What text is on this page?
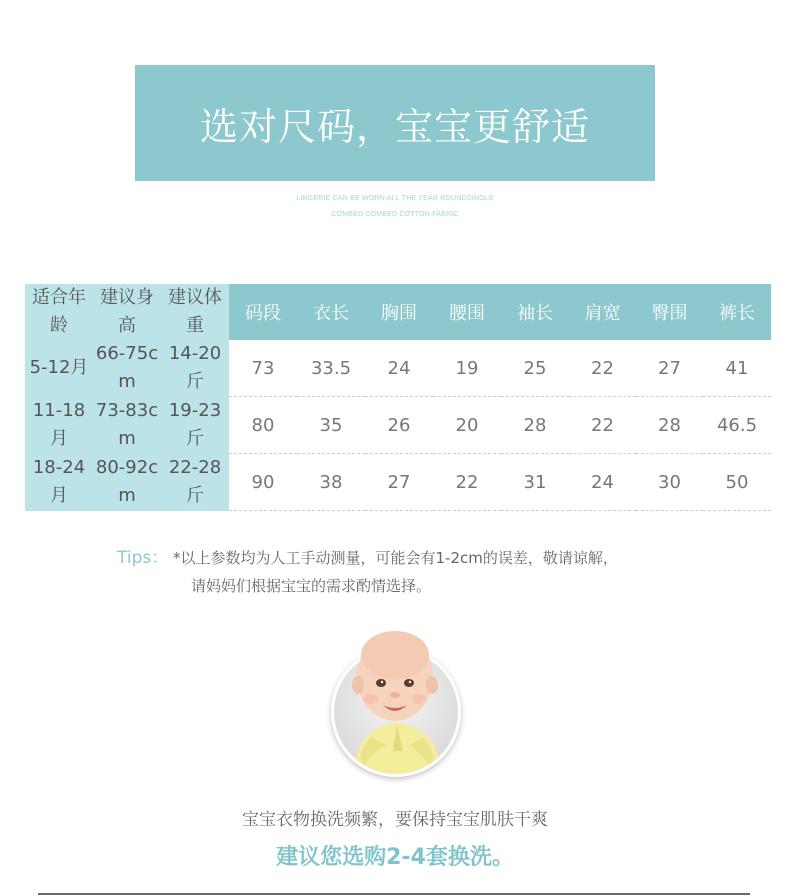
选对尺码，宝宝更舒适
LINGERIE CAN BE WORN ALL THE YEAR ROUNDSINGLE
COMBED COMBED COTTON FABRIC
适合年龄	建议身高	建议体重	码段	衣长	胸围	腰围	袖长	肩宽	臀围	裤长
5-12月	66-75cm	14-20斤	73	33.5	24	19	25	22	27	41
11-18月	73-83cm	19-23斤	80	35	26	20	28	22	28	46.5
18-24月	80-92cm	22-28斤	90	38	27	22	31	24	30	50
Tips： *以上参数均为人工手动测量，可能会有1-2cm的误差，敬请谅解，
请妈妈们根据宝宝的需求酌情选择。
宝宝衣物换洗频繁，要保持宝宝肌肤干爽
建议您选购2-4套换洗。
